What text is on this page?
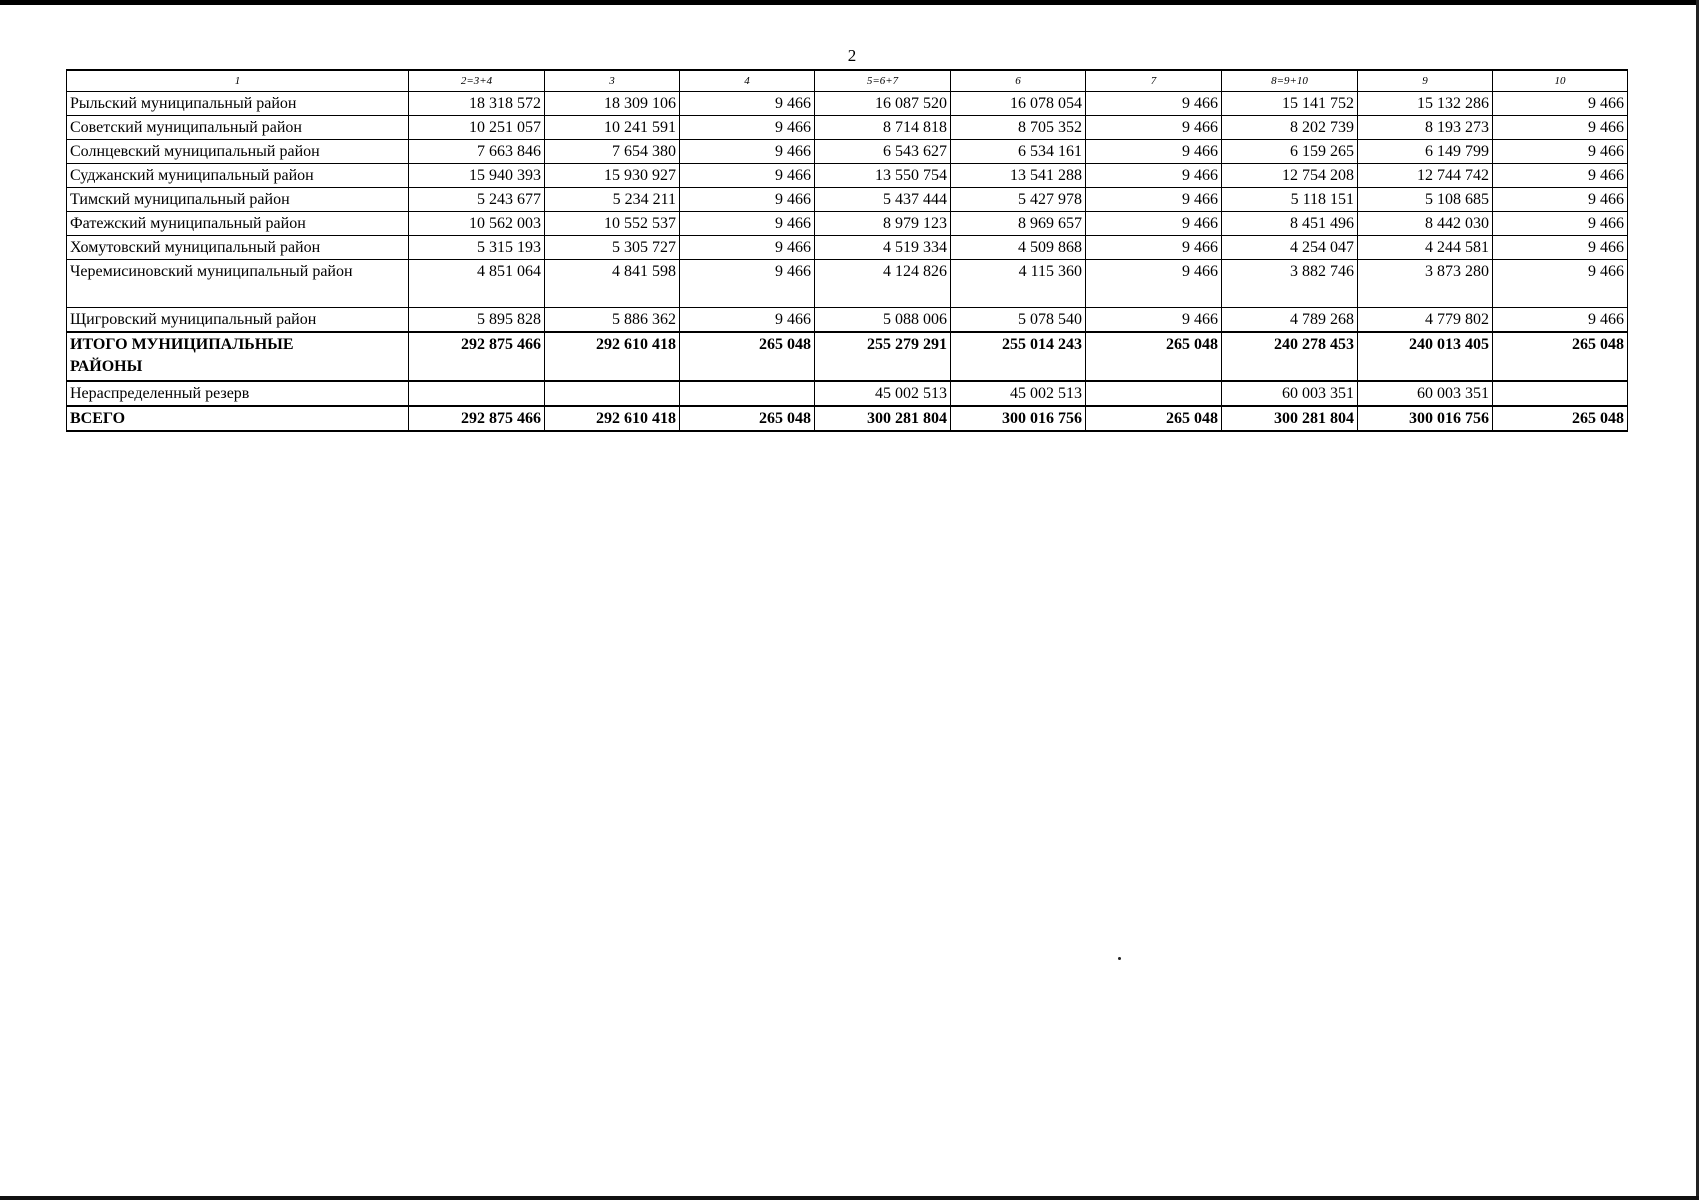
2
1	2=3+4	3	4	5=6+7	6	7	8=9+10	9	10
Рыльский муниципальный район	18 318 572	18 309 106	9 466	16 087 520	16 078 054	9 466	15 141 752	15 132 286	9 466
Советский муниципальный район	10 251 057	10 241 591	9 466	8 714 818	8 705 352	9 466	8 202 739	8 193 273	9 466
Солнцевский муниципальный район	7 663 846	7 654 380	9 466	6 543 627	6 534 161	9 466	6 159 265	6 149 799	9 466
Суджанский муниципальный район	15 940 393	15 930 927	9 466	13 550 754	13 541 288	9 466	12 754 208	12 744 742	9 466
Тимский муниципальный район	5 243 677	5 234 211	9 466	5 437 444	5 427 978	9 466	5 118 151	5 108 685	9 466
Фатежский муниципальный район	10 562 003	10 552 537	9 466	8 979 123	8 969 657	9 466	8 451 496	8 442 030	9 466
Хомутовский муниципальный район	5 315 193	5 305 727	9 466	4 519 334	4 509 868	9 466	4 254 047	4 244 581	9 466
Черемисиновский муниципальный район	4 851 064	4 841 598	9 466	4 124 826	4 115 360	9 466	3 882 746	3 873 280	9 466
Щигровский муниципальный район	5 895 828	5 886 362	9 466	5 088 006	5 078 540	9 466	4 789 268	4 779 802	9 466
ИТОГО МУНИЦИПАЛЬНЫЕ
РАЙОНЫ	292 875 466	292 610 418	265 048	255 279 291	255 014 243	265 048	240 278 453	240 013 405	265 048
Нераспределенный резерв				45 002 513	45 002 513		60 003 351	60 003 351	
ВСЕГО	292 875 466	292 610 418	265 048	300 281 804	300 016 756	265 048	300 281 804	300 016 756	265 048
